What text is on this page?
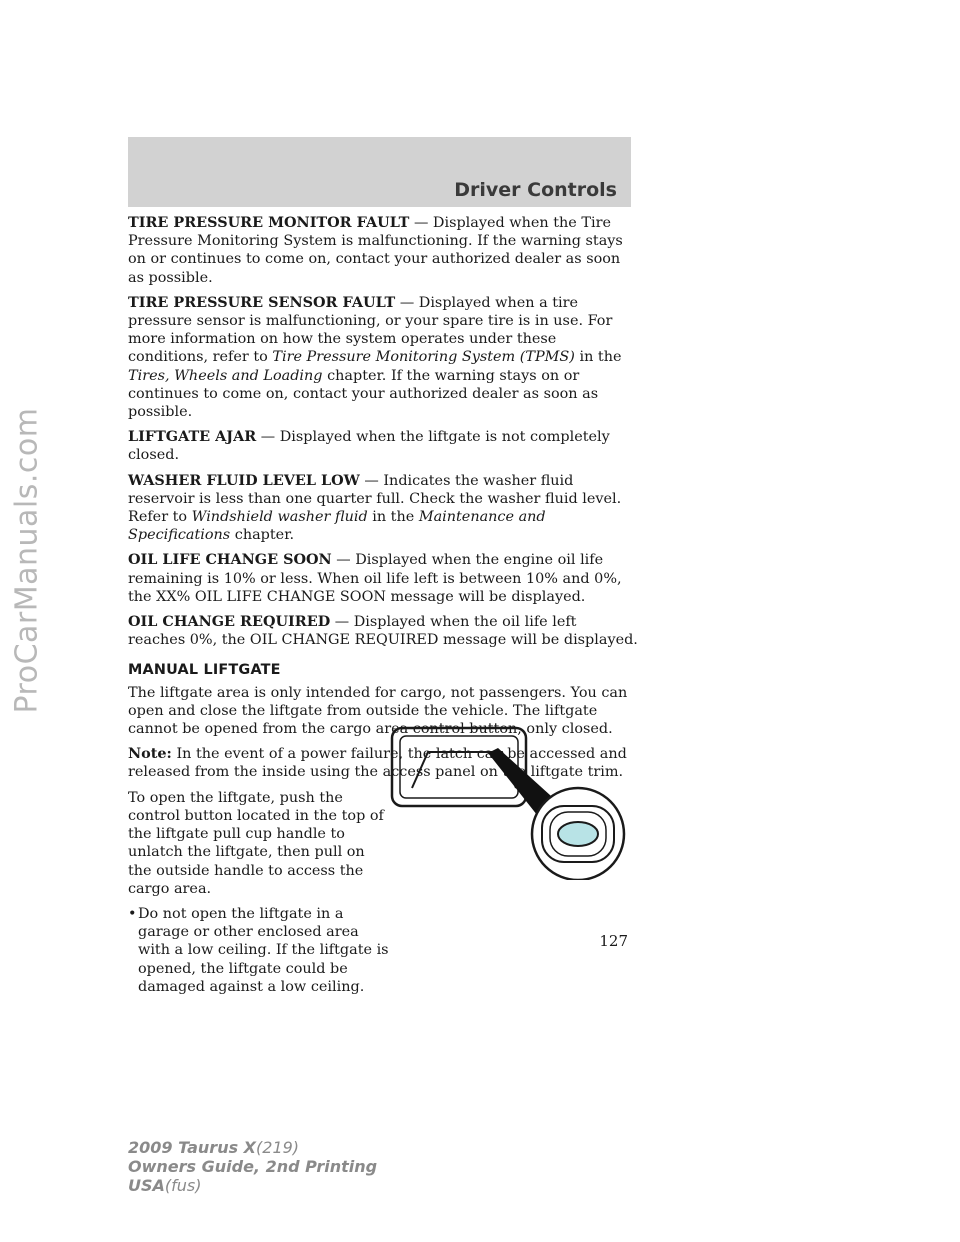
ProCarManuals.com
Driver Controls

TIRE PRESSURE MONITOR FAULT — Displayed when the Tire Pressure Monitoring System is malfunctioning. If the warning stays on or continues to come on, contact your authorized dealer as soon as possible.

TIRE PRESSURE SENSOR FAULT — Displayed when a tire pressure sensor is malfunctioning, or your spare tire is in use. For more information on how the system operates under these conditions, refer to Tire Pressure Monitoring System (TPMS) in the Tires, Wheels and Loading chapter. If the warning stays on or continues to come on, contact your authorized dealer as soon as possible.

LIFTGATE AJAR — Displayed when the liftgate is not completely closed.

WASHER FLUID LEVEL LOW — Indicates the washer fluid reservoir is less than one quarter full. Check the washer fluid level. Refer to Windshield washer fluid in the Maintenance and Specifications chapter.

OIL LIFE CHANGE SOON — Displayed when the engine oil life remaining is 10% or less. When oil life left is between 10% and 0%, the XX% OIL LIFE CHANGE SOON message will be displayed.

OIL CHANGE REQUIRED — Displayed when the oil life left reaches 0%, the OIL CHANGE REQUIRED message will be displayed.

MANUAL LIFTGATE

The liftgate area is only intended for cargo, not passengers. You can open and close the liftgate from outside the vehicle. The liftgate cannot be opened from the cargo area control button, only closed.

Note: In the event of a power failure, the latch can be accessed and released from the inside using the access panel on the liftgate trim.

To open the liftgate, push the control button located in the top of the liftgate pull cup handle to unlatch the liftgate, then pull on the outside handle to access the cargo area.

• Do not open the liftgate in a garage or other enclosed area with a low ceiling. If the liftgate is opened, the liftgate could be damaged against a low ceiling.
127
2009 Taurus X(219)
Owners Guide, 2nd Printing
USA(fus)
